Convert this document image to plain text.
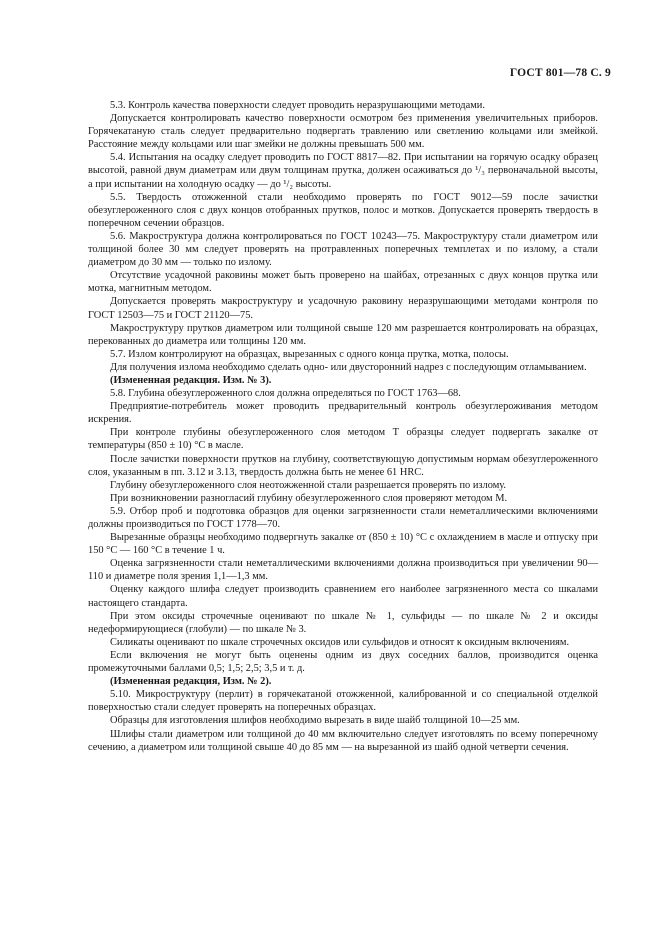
ГОСТ 801—78 С. 9

5.3. Контроль качества поверхности следует проводить неразрушающими методами.

Допускается контролировать качество поверхности осмотром без применения увеличительных приборов. Горячекатаную сталь следует предварительно подвергать травлению или светлению кольцами или змейкой. Расстояние между кольцами или шаг змейки не должны превышать 500 мм.

5.4. Испытания на осадку следует проводить по ГОСТ 8817—82. При испытании на горячую осадку образец высотой, равной двум диаметрам или двум толщинам прутка, должен осаживаться до ¹/₃ первоначальной высоты, а при испытании на холодную осадку — до ¹/₂ высоты.

5.5. Твердость отожженной стали необходимо проверять по ГОСТ 9012—59 после зачистки обезуглероженного слоя с двух концов отобранных прутков, полос и мотков. Допускается проверять твердость в поперечном сечении образцов.

5.6. Макроструктура должна контролироваться по ГОСТ 10243—75. Макроструктуру стали диаметром или толщиной более 30 мм следует проверять на протравленных поперечных темплетах и по излому, а стали диаметром до 30 мм — только по излому.

Отсутствие усадочной раковины может быть проверено на шайбах, отрезанных с двух концов прутка или мотка, магнитным методом.

Допускается проверять макроструктуру и усадочную раковину неразрушающими методами контроля по ГОСТ 12503—75 и ГОСТ 21120—75.

Макроструктуру прутков диаметром или толщиной свыше 120 мм разрешается контролировать на образцах, перекованных до диаметра или толщины 120 мм.

5.7. Излом контролируют на образцах, вырезанных с одного конца прутка, мотка, полосы.

Для получения излома необходимо сделать одно- или двусторонний надрез с последующим отламыванием.

(Измененная редакция. Изм. № 3).

5.8. Глубина обезуглероженного слоя должна определяться по ГОСТ 1763—68.

Предприятие-потребитель может проводить предварительный контроль обезуглероживания методом искрения.

При контроле глубины обезуглероженного слоя методом Т образцы следует подвергать закалке от температуры (850 ± 10) °С в масле.

После зачистки поверхности прутков на глубину, соответствующую допустимым нормам обезуглероженного слоя, указанным в пп. 3.12 и 3.13, твердость должна быть не менее 61 HRC.

Глубину обезуглероженного слоя неотожженной стали разрешается проверять по излому.

При возникновении разногласий глубину обезуглероженного слоя проверяют методом М.

5.9. Отбор проб и подготовка образцов для оценки загрязненности стали неметаллическими включениями должны производиться по ГОСТ 1778—70.

Вырезанные образцы необходимо подвергнуть закалке от (850 ± 10) °С с охлаждением в масле и отпуску при 150 °С — 160 °С в течение 1 ч.

Оценка загрязненности стали неметаллическими включениями должна производиться при увеличении 90—110 и диаметре поля зрения 1,1—1,3 мм.

Оценку каждого шлифа следует производить сравнением его наиболее загрязненного места со шкалами настоящего стандарта.

При этом оксиды строчечные оценивают по шкале № 1, сульфиды — по шкале № 2 и оксиды недеформирующиеся (глобули) — по шкале № 3.

Силикаты оценивают по шкале строчечных оксидов или сульфидов и относят к оксидным включениям.

Если включения не могут быть оценены одним из двух соседних баллов, производится оценка промежуточными баллами 0,5; 1,5; 2,5; 3,5 и т. д.

(Измененная редакция, Изм. № 2).

5.10. Микроструктуру (перлит) в горячекатаной отожженной, калиброванной и со специальной отделкой поверхностью стали следует проверять на поперечных образцах.

Образцы для изготовления шлифов необходимо вырезать в виде шайб толщиной 10—25 мм.

Шлифы стали диаметром или толщиной до 40 мм включительно следует изготовлять по всему поперечному сечению, а диаметром или толщиной свыше 40 до 85 мм — на вырезанной из шайб одной четверти сечения.
